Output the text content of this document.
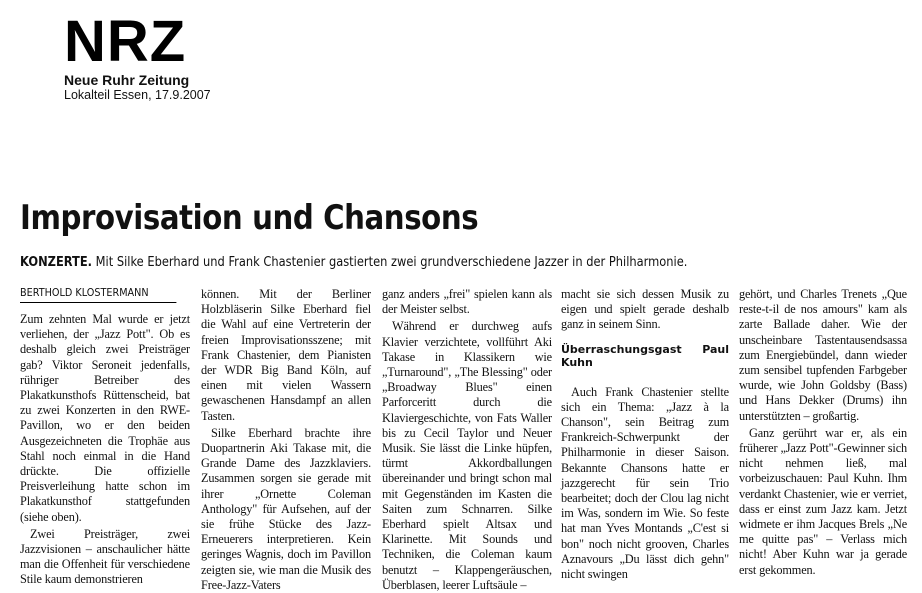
NRZ
Neue Ruhr Zeitung
Lokalteil Essen, 17.9.2007
Improvisation und Chansons
KONZERTE. Mit Silke Eberhard und Frank Chastenier gastierten zwei grundverschiedene Jazzer in der Philharmonie.
BERTHOLD KLOSTERMANN

Zum zehnten Mal wurde er jetzt verliehen, der „Jazz Pott". Ob es deshalb gleich zwei Preisträger gab? Viktor Seroneit jedenfalls, rühriger Betreiber des Plakatkunsthofs Rüttenscheid, bat zu zwei Konzerten in den RWE-Pavillon, wo er den beiden Ausgezeichneten die Trophäe aus Stahl noch einmal in die Hand drückte. Die offizielle Preisverleihung hatte schon im Plakatkunsthof stattgefunden (siehe oben).

Zwei Preisträger, zwei Jazzvisionen – anschaulicher hätte man die Offenheit für verschiedene Stile kaum demonstrieren

können. Mit der Berliner Holzbläserin Silke Eberhard fiel die Wahl auf eine Vertreterin der freien Improvisationsszene; mit Frank Chastenier, dem Pianisten der WDR Big Band Köln, auf einen mit vielen Wassern gewaschenen Hansdampf an allen Tasten.

Silke Eberhard brachte ihre Duopartnerin Aki Takase mit, die Grande Dame des Jazzklaviers. Zusammen sorgen sie gerade mit ihrer „Ornette Coleman Anthology" für Aufsehen, auf der sie frühe Stücke des Jazz-Erneuerers interpretieren. Kein geringes Wagnis, doch im Pavillon zeigten sie, wie man die Musik des Free-Jazz-Vaters

ganz anders „frei" spielen kann als der Meister selbst.

Während er durchweg aufs Klavier verzichtete, vollführt Aki Takase in Klassikern wie „Turnaround", „The Blessing" oder „Broadway Blues" einen Parforceritt durch die Klaviergeschichte, von Fats Waller bis zu Cecil Taylor und Neuer Musik. Sie lässt die Linke hüpfen, türmt Akkordballungen übereinander und bringt schon mal mit Gegenständen im Kasten die Saiten zum Schnarren. Silke Eberhard spielt Altsax und Klarinette. Mit Sounds und Techniken, die Coleman kaum benutzt – Klappengeräuschen, Überblasen, leerer Luftsäule –

macht sie sich dessen Musik zu eigen und spielt gerade deshalb ganz in seinem Sinn.

Überraschungsgast Paul Kuhn

Auch Frank Chastenier stellte sich ein Thema: „Jazz à la Chanson", sein Beitrag zum Frankreich-Schwerpunkt der Philharmonie in dieser Saison. Bekannte Chansons hatte er jazzgerecht für sein Trio bearbeitet; doch der Clou lag nicht im Was, sondern im Wie. So feste hat man Yves Montands „C'est si bon" noch nicht grooven, Charles Aznavours „Du lässt dich gehn" nicht swingen

gehört, und Charles Trenets „Que reste-t-il de nos amours" kam als zarte Ballade daher. Wie der unscheinbare Tastentausendsassa zum Energiebündel, dann wieder zum sensibel tupfenden Farbgeber wurde, wie John Goldsby (Bass) und Hans Dekker (Drums) ihn unterstützten – großartig.

Ganz gerührt war er, als ein früherer „Jazz Pott"-Gewinner sich nicht nehmen ließ, mal vorbeizuschauen: Paul Kuhn. Ihm verdankt Chastenier, wie er verriet, dass er einst zum Jazz kam. Jetzt widmete er ihm Jacques Brels „Ne me quitte pas" – Verlass mich nicht! Aber Kuhn war ja gerade erst gekommen.
